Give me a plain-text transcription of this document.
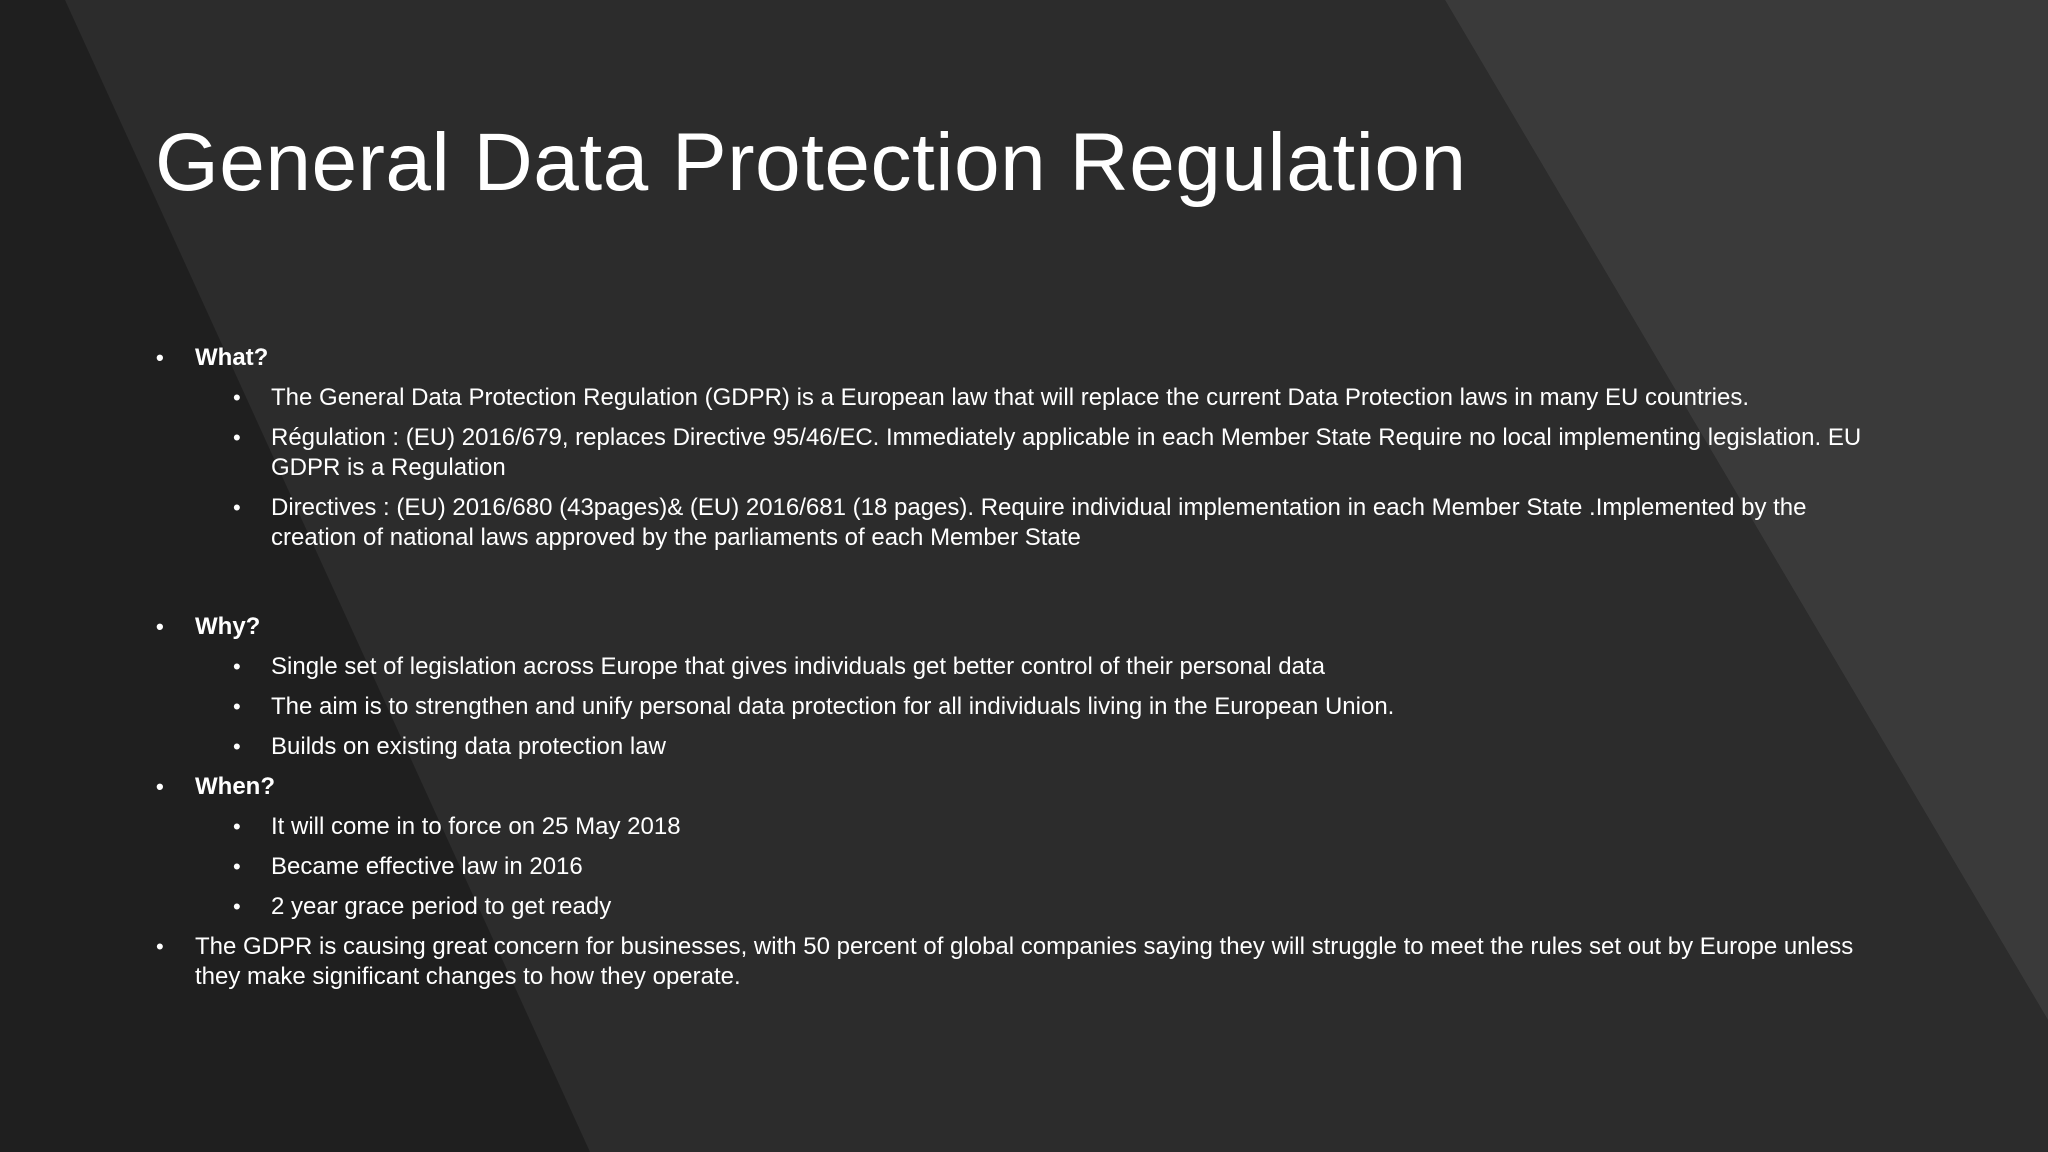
General Data Protection Regulation
• What?
• The General Data Protection Regulation (GDPR) is a European law that will replace the current Data Protection laws in many EU countries.
• Régulation : (EU) 2016/679, replaces Directive 95/46/EC. Immediately applicable in each Member State Require no local implementing legislation. EU GDPR is a Regulation
• Directives : (EU) 2016/680 (43pages)& (EU) 2016/681 (18 pages). Require individual implementation in each Member State .Implemented by the creation of national laws approved by the parliaments of each Member State
• Why?
• Single set of legislation across Europe that gives individuals get better control of their personal data
• The aim is to strengthen and unify personal data protection for all individuals living in the European Union.
• Builds on existing data protection law
• When?
• It will come in to force on 25 May 2018
• Became effective law in 2016
• 2 year grace period to get ready
• The GDPR is causing great concern for businesses, with 50 percent of global companies saying they will struggle to meet the rules set out by Europe unless they make significant changes to how they operate.
